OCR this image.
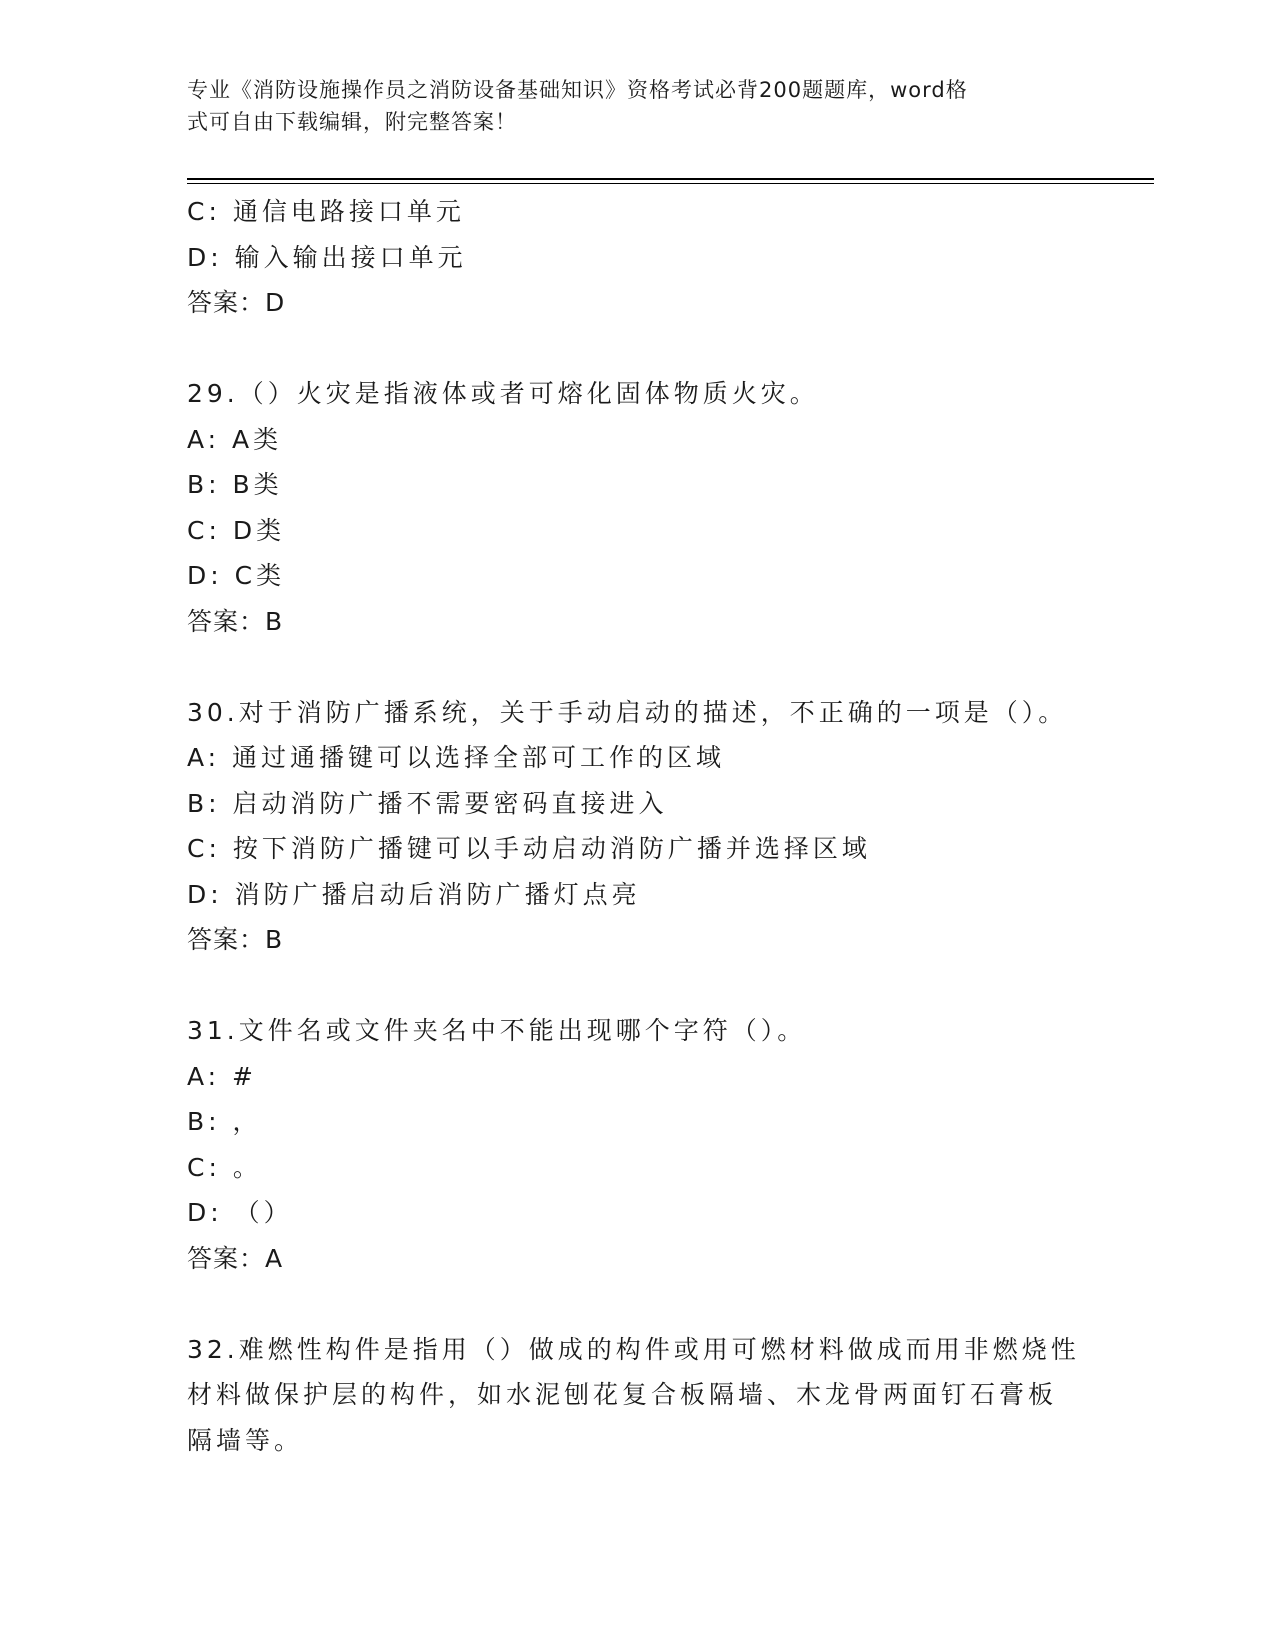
专业《消防设施操作员之消防设备基础知识》资格考试必背200题题库，word格
式可自由下载编辑，附完整答案！
C: 通信电路接口单元
D: 输入输出接口单元
答案：D
29.（）火灾是指液体或者可熔化固体物质火灾。
A: A类
B: B类
C: D类
D: C类
答案：B
30.对于消防广播系统，关于手动启动的描述，不正确的一项是（）。
A: 通过通播键可以选择全部可工作的区域
B: 启动消防广播不需要密码直接进入
C: 按下消防广播键可以手动启动消防广播并选择区域
D: 消防广播启动后消防广播灯点亮
答案：B
31.文件名或文件夹名中不能出现哪个字符（）。
A: #
B: ，
C: 。
D: （）
答案：A
32.难燃性构件是指用（）做成的构件或用可燃材料做成而用非燃烧性
材料做保护层的构件，如水泥刨花复合板隔墙、木龙骨两面钉石膏板
隔墙等。
